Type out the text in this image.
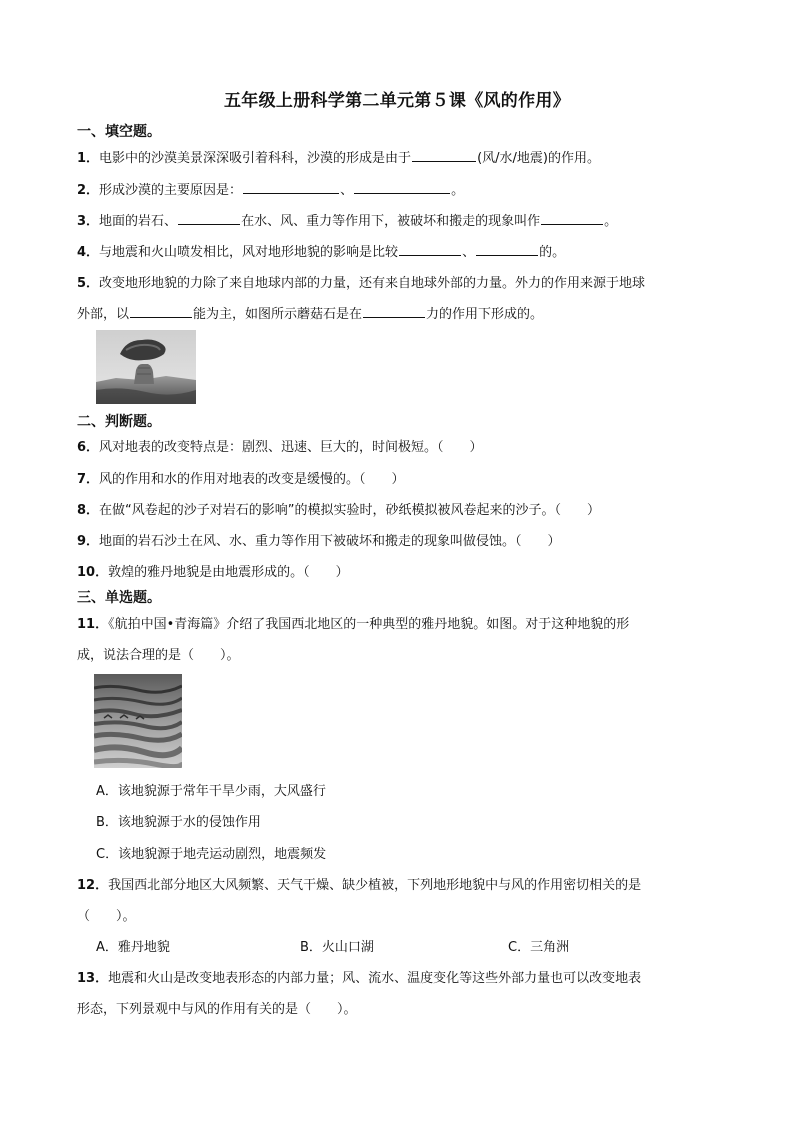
五年级上册科学第二单元第５课《风的作用》
一、填空题。
1．电影中的沙漠美景深深吸引着科科，沙漠的形成是由于	(风/水/地震)的作用。
2．形成沙漠的主要原因是：	、	。
3．地面的岩石、	在水、风、重力等作用下，被破坏和搬走的现象叫作	。
4．与地震和火山喷发相比，风对地形地貌的影响是比较	、	的。
5．改变地形地貌的力除了来自地球内部的力量，还有来自地球外部的力量。外力的作用来源于地球
外部，以	能为主，如图所示蘑菇石是在	力的作用下形成的。
二、判断题。
6．风对地表的改变特点是：剧烈、迅速、巨大的，时间极短。（　　）
7．风的作用和水的作用对地表的改变是缓慢的。（　　）
8．在做“风卷起的沙子对岩石的影响”的模拟实验时，砂纸模拟被风卷起来的沙子。（　　）
9．地面的岩石沙土在风、水、重力等作用下被破坏和搬走的现象叫做侵蚀。（　　）
10．敦煌的雅丹地貌是由地震形成的。（　　）
三、单选题。
11．《航拍中国•青海篇》介绍了我国西北地区的一种典型的雅丹地貌。如图。对于这种地貌的形
成，说法合理的是（　　）。
A．该地貌源于常年干旱少雨，大风盛行
B．该地貌源于水的侵蚀作用
C．该地貌源于地壳运动剧烈，地震频发
12．我国西北部分地区大风频繁、天气干燥、缺少植被，下列地形地貌中与风的作用密切相关的是
（　　）。
A．雅丹地貌	B．火山口湖	C．三角洲
13．地震和火山是改变地表形态的内部力量；风、流水、温度变化等这些外部力量也可以改变地表
形态，下列景观中与风的作用有关的是（　　）。
